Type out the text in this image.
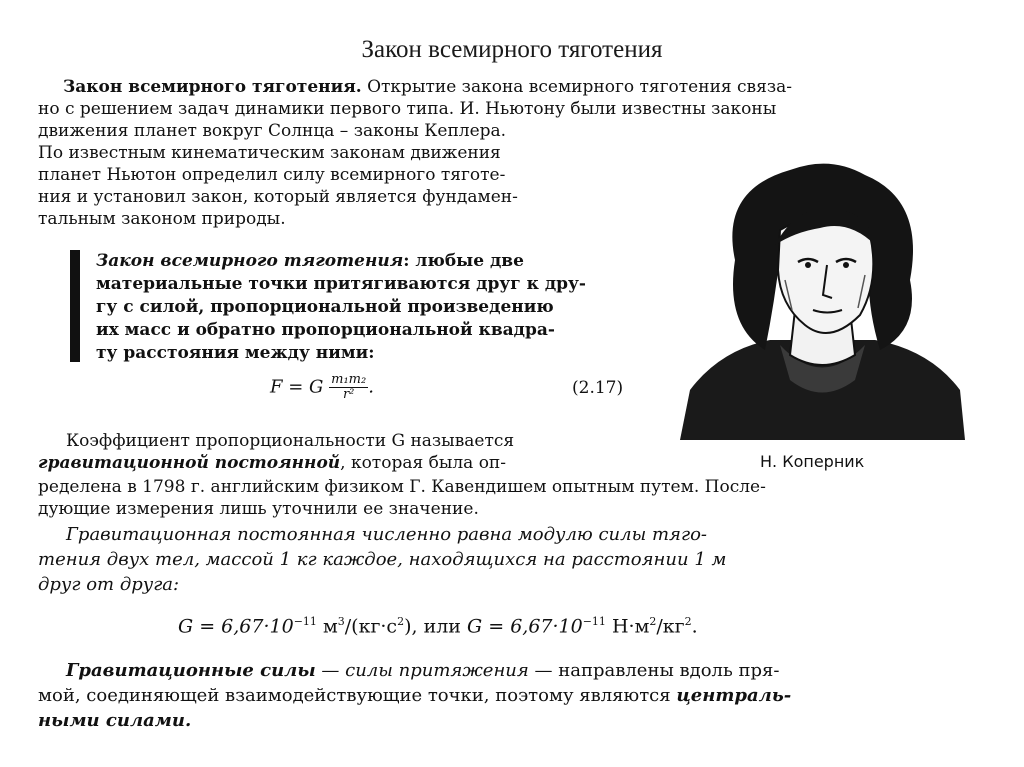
Закон всемирного тяготения
Закон всемирного тяготения. Открытие закона всемирного тяготения связа-
но с решением задач динамики первого типа. И. Ньютону были известны законы
движения планет вокруг Солнца – законы Кеплера.
По известным кинематическим законам движения
планет Ньютон определил силу всемирного тяготе-
ния и установил закон, который является фундамен-
тальным законом природы.
Закон всемирного тяготения: любые две
материальные точки притягиваются друг к дру-
гу с силой, пропорциональной произведению
их масс и обратно пропорциональной квадра-
ту расстояния между ними:
F = G $\frac{\text{m₁m₂}}{\text{r²}}$ .	(2.17)
Н. Коперник
Коэффициент пропорциональности G называется
гравитационной постоянной, которая была оп-
ределена в 1798 г. английским физиком Г. Кавендишем опытным путем. После-
дующие измерения лишь уточнили ее значение.
Гравитационная постоянная численно равна модулю силы тяго-
тения двух тел, массой 1 кг каждое, находящихся на расстоянии 1 м
друг от друга:
$G = 6,67\cdot 10^{-11}$ $м^3/(кг\cdot с^2)$, или $G = 6,67\cdot 10^{-11}$ $Н\cdot м^2/кг^2$.
Гравитационные силы — силы притяжения — направлены вдоль пря-
мой, соединяющей взаимодействующие точки, поэтому являются централь-
ными силами.
